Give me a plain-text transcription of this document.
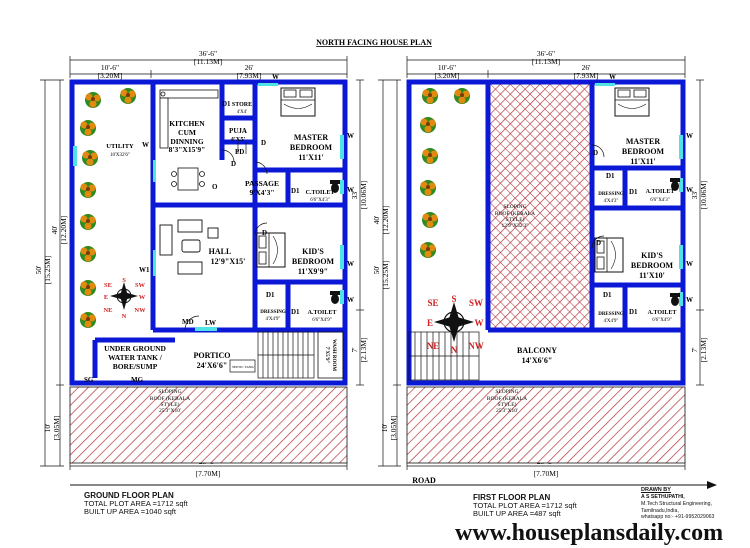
NORTH FACING HOUSE PLAN
36'-6"
[11.13M]
10'-6"
[3.20M]
26'
[7.93M]
50' [15.25M]
40' [12.20M]
10' [3.05M]
33' [10.06M]
7' [2.13M]
[7.70M]
36'-6"
[11.13M]
10'-6"
[3.20M]
26'
[7.93M]
40' [12.20M]
50' [15.25M]
10' [3.05M]
33' [10.06M]
7' [2.13M]
[7.70M]
ROAD
UTILITY
10'X32'6"
KITCHEN
CUM
DINNING
8'3"X15'9"
STORE
4'X4'
PUJA
4'X5'	MASTER
BEDROOM
11'X11'
PASSAGE
9'X4'3"	C.TOILET
6'6"X4'3"
HALL
12'9"X15'
KID'S
BEDROOM
11'X9'9"
DRESSING
4'X4'9"
A.TOILET
6'6"X4'9"
UNDER GROUND
WATER TANK /
BORE/SUMP
PORTICO
24'X6'6"	WASH ROOM
7'X5'9"
SEPTIC TANK
SLOPING
ROOF (KERALA
STYLE)
25'3"X10'
W
W
W
W
W
W
D
D
D
D1
D1
D1
D1
O
W1
PD
MD LW
SG	MG
MASTER
BEDROOM
11'X11'
DRESSING
4'X4'3"
A.TOILET
6'6"X4'3"
SLOPING
ROOF (KERALA
STYLE)
12'9"X32'3"
KID'S
BEDROOM
11'X10'
DRESSING
4'X4'9"
A.TOILET
6'6"X4'9"
BALCONY
14'X6'6"
SLOPING
ROOF (KERALA
STYLE)
25'3"X10'
W
W
W
W
W
D
D
D1
D1
D1
D1
S
N
E	W
SE	SW
NE	NW
S
N
E	W
SE	SW
NE	NW
GROUND FLOOR PLAN
TOTAL PLOT AREA =1712 sqft
BUILT UP AREA =1040 sqft
FIRST FLOOR PLAN
TOTAL PLOT AREA =1712 sqft
BUILT UP AREA =487 sqft
DRAWN BY
A S SETHUPATHI,
M.Tech Structural Engineering,
Tamilnadu,India,
whatsapp no:- +91-9952029063
www.houseplansdaily.com
